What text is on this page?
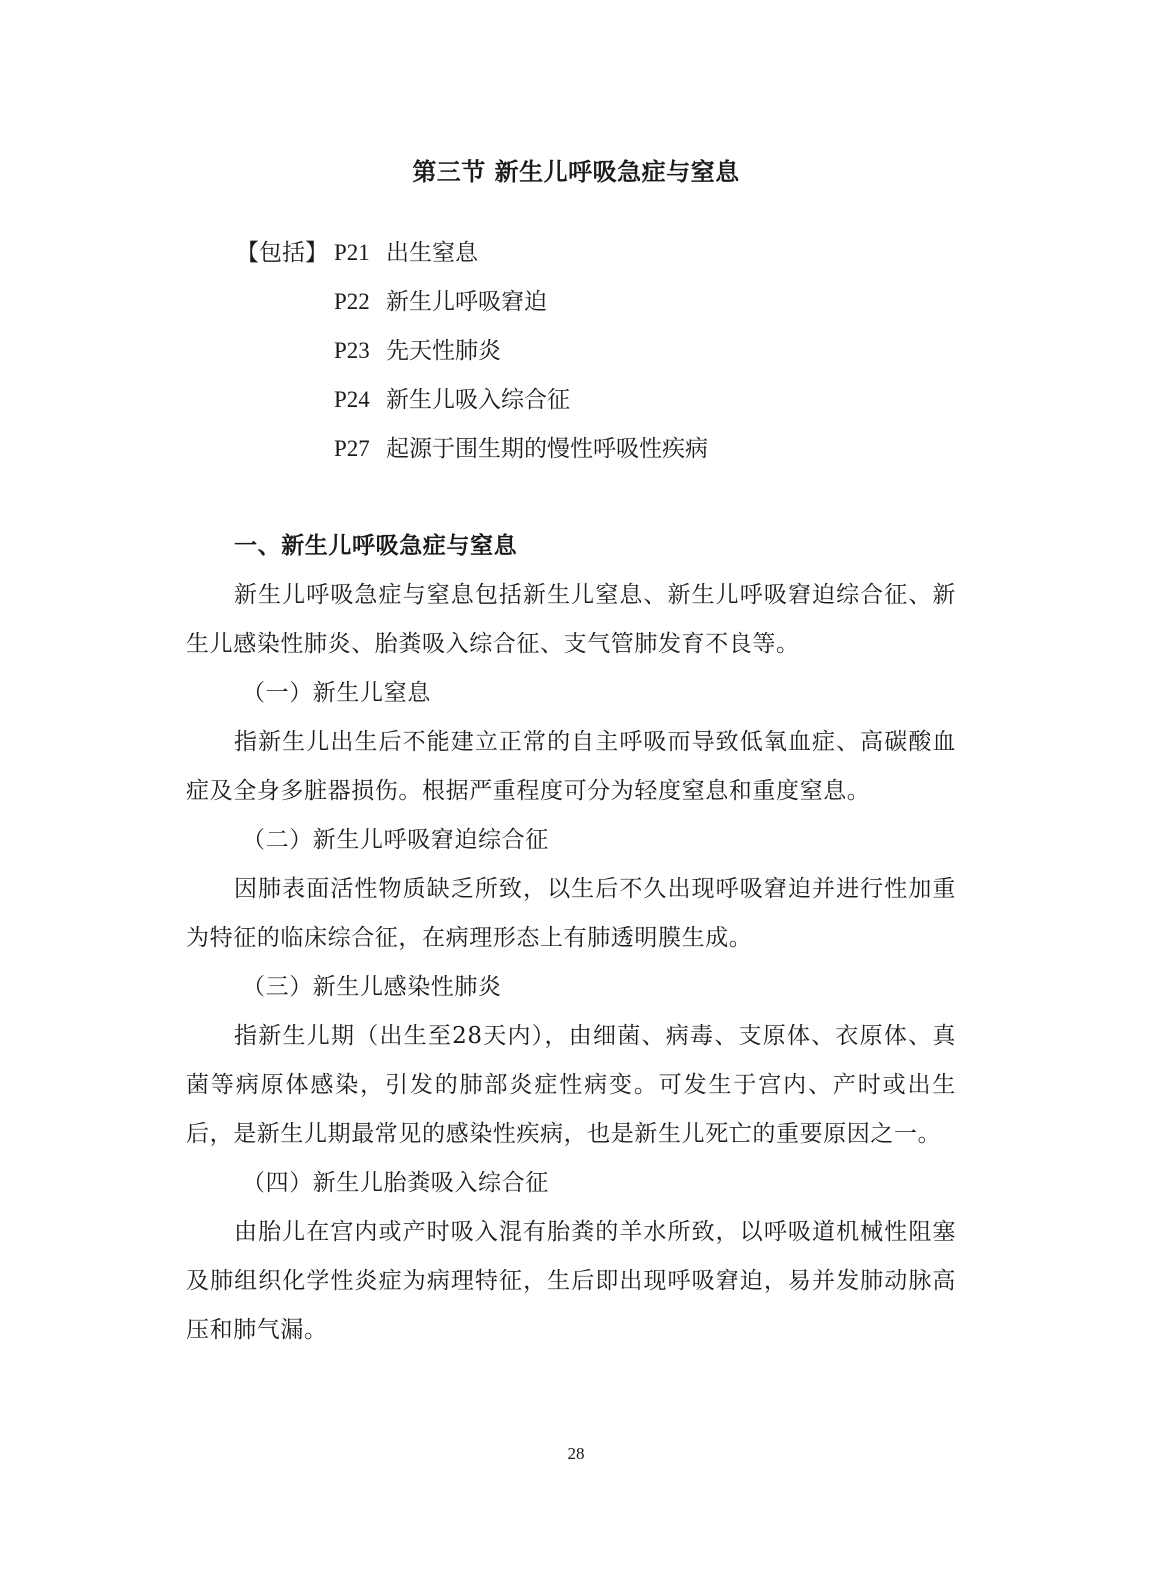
第三节 新生儿呼吸急症与窒息
【包括】 P21 出生窒息
P22 新生儿呼吸窘迫
P23 先天性肺炎
P24 新生儿吸入综合征
P27 起源于围生期的慢性呼吸性疾病
一、新生儿呼吸急症与窒息

新生儿呼吸急症与窒息包括新生儿窒息、新生儿呼吸窘迫综合征、新生儿感染性肺炎、胎粪吸入综合征、支气管肺发育不良等。

（一）新生儿窒息

指新生儿出生后不能建立正常的自主呼吸而导致低氧血症、高碳酸血症及全身多脏器损伤。根据严重程度可分为轻度窒息和重度窒息。

（二）新生儿呼吸窘迫综合征

因肺表面活性物质缺乏所致，以生后不久出现呼吸窘迫并进行性加重为特征的临床综合征，在病理形态上有肺透明膜生成。

（三）新生儿感染性肺炎

指新生儿期（出生至28天内），由细菌、病毒、支原体、衣原体、真菌等病原体感染，引发的肺部炎症性病变。可发生于宫内、产时或出生后，是新生儿期最常见的感染性疾病，也是新生儿死亡的重要原因之一。

（四）新生儿胎粪吸入综合征

由胎儿在宫内或产时吸入混有胎粪的羊水所致，以呼吸道机械性阻塞及肺组织化学性炎症为病理特征，生后即出现呼吸窘迫，易并发肺动脉高压和肺气漏。

28
